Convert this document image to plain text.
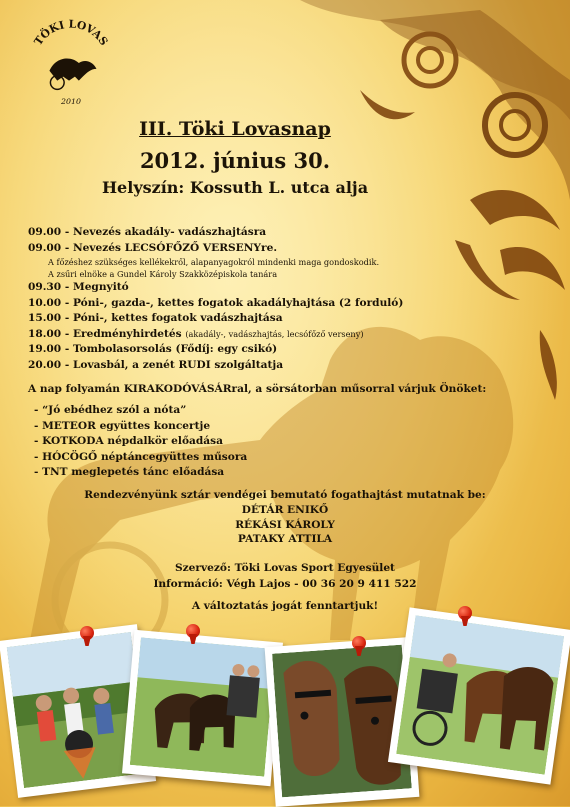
TÖKI LOVAS
2010
III. Töki Lovasnap
2012. június 30.
Helyszín: Kossuth L. utca alja
09.00 - Nevezés akadály- vadászhajtásra
09.00 - Nevezés LECSÓFŐZŐ VERSENYre.
A főzéshez szükséges kellékekről, alapanyagokról mindenki maga gondoskodik.
A zsűri elnöke a Gundel Károly Szakközépiskola tanára
09.30 - Megnyitó
10.00 - Póni-, gazda-, kettes fogatok akadályhajtása (2 forduló)
15.00 - Póni-, kettes fogatok vadászhajtása
18.00 - Eredményhirdetés (akadály-, vadászhajtás, lecsófőző verseny)
19.00 - Tombolasorsolás (Fődíj: egy csikó)
20.00 - Lovasbál, a zenét RUDI szolgáltatja
A nap folyamán KIRAKODÓVÁSÁRral, a sörsátorban műsorral várjuk Önöket:
- “Jó ebédhez szól a nóta”
- METEOR együttes koncertje
- KOTKODA népdalkör előadása
- HÓCÖGŐ néptáncegyüttes műsora
- TNT meglepetés tánc előadása
Rendezvényünk sztár vendégei bemutató fogathajtást mutatnak be:
DÉTÁR ENIKŐ
RÉKÁSI KÁROLY
PATAKY ATTILA
Szervező: Töki Lovas Sport Egyesület
Információ: Végh Lajos - 00 36 20 9 411 522
A változtatás jogát fenntartjuk!
